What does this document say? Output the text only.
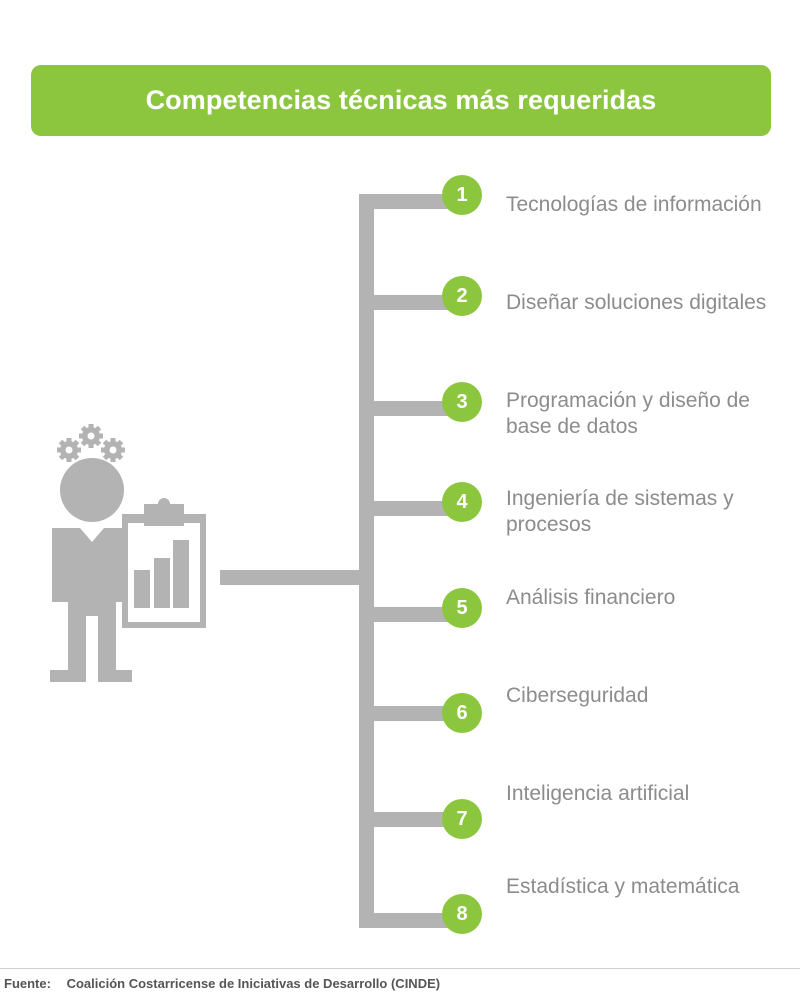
Competencias técnicas más requeridas
1
2
3
4
5
6
7
8
Tecnologías de información
Diseñar soluciones digitales
Programación y diseño de base de datos
Ingeniería de sistemas y procesos
Análisis financiero
Ciberseguridad
Inteligencia artificial
Estadística y matemática
Fuente: Coalición Costarricense de Iniciativas de Desarrollo (CINDE)
